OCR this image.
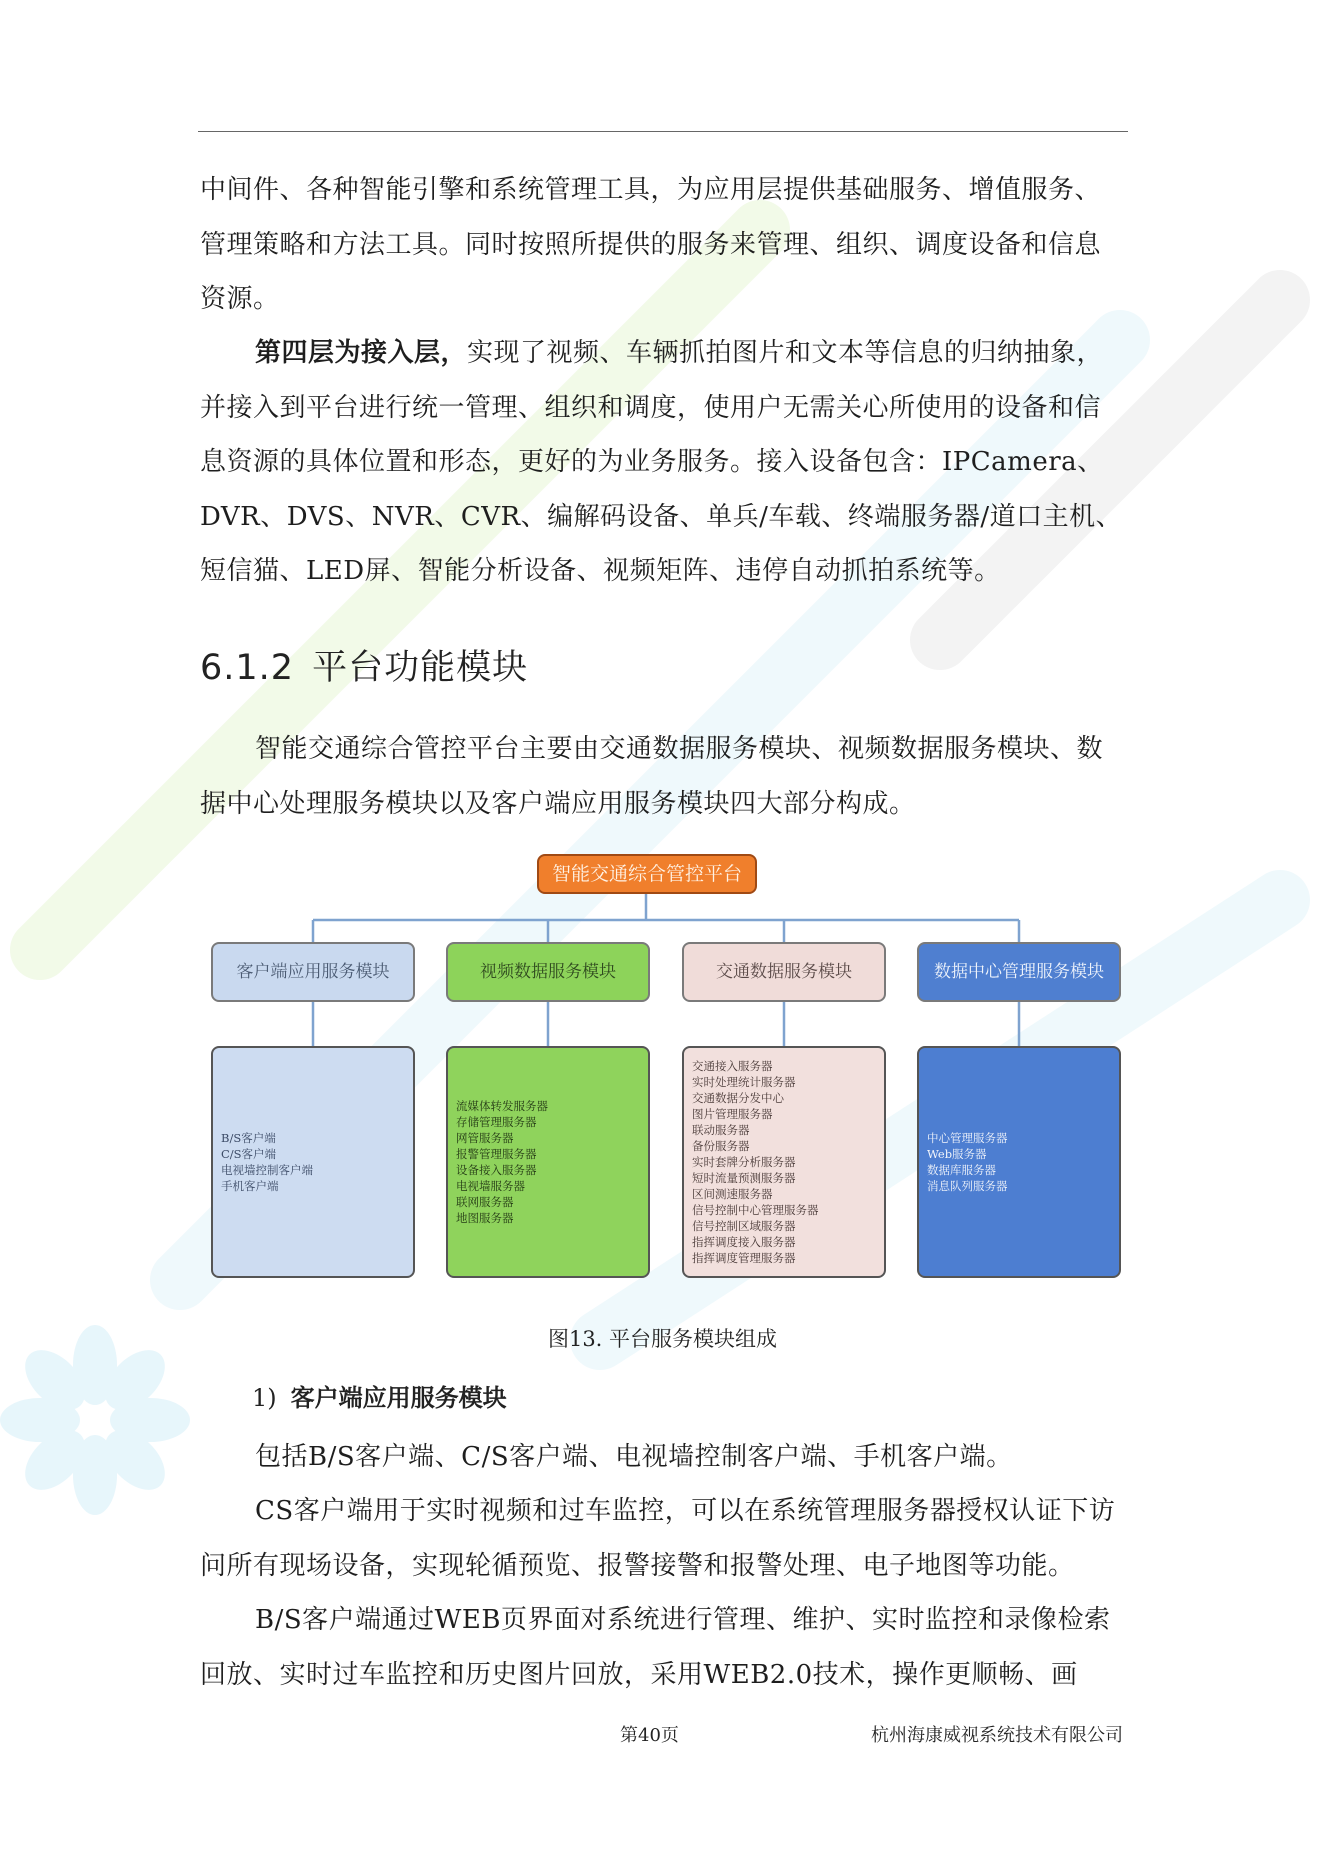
中间件、各种智能引擎和系统管理工具，为应用层提供基础服务、增值服务、管理策略和方法工具。同时按照所提供的服务来管理、组织、调度设备和信息资源。

第四层为接入层，实现了视频、车辆抓拍图片和文本等信息的归纳抽象，并接入到平台进行统一管理、组织和调度，使用户无需关心所使用的设备和信息资源的具体位置和形态，更好的为业务服务。接入设备包含：IPCamera、DVR、DVS、NVR、CVR、编解码设备、单兵/车载、终端服务器/道口主机、短信猫、LED屏、智能分析设备、视频矩阵、违停自动抓拍系统等。

6.1.2 平台功能模块

智能交通综合管控平台主要由交通数据服务模块、视频数据服务模块、数据中心处理服务模块以及客户端应用服务模块四大部分构成。

智能交通综合管控平台
客户端应用服务模块	视频数据服务模块	交通数据服务模块	数据中心管理服务模块
B/S客户端
C/S客户端
电视墙控制客户端
手机客户端
流媒体转发服务器
存储管理服务器
网管服务器
报警管理服务器
设备接入服务器
电视墙服务器
联网服务器
地图服务器
交通接入服务器
实时处理统计服务器
交通数据分发中心
图片管理服务器
联动服务器
备份服务器
实时套牌分析服务器
短时流量预测服务器
区间测速服务器
信号控制中心管理服务器
信号控制区域服务器
指挥调度接入服务器
指挥调度管理服务器
中心管理服务器
Web服务器
数据库服务器
消息队列服务器
图13. 平台服务模块组成
1) 客户端应用服务模块

包括B/S客户端、C/S客户端、电视墙控制客户端、手机客户端。

CS客户端用于实时视频和过车监控，可以在系统管理服务器授权认证下访问所有现场设备，实现轮循预览、报警接警和报警处理、电子地图等功能。

B/S客户端通过WEB页界面对系统进行管理、维护、实时监控和录像检索回放、实时过车监控和历史图片回放，采用WEB2.0技术，操作更顺畅、画

第40页	杭州海康威视系统技术有限公司
